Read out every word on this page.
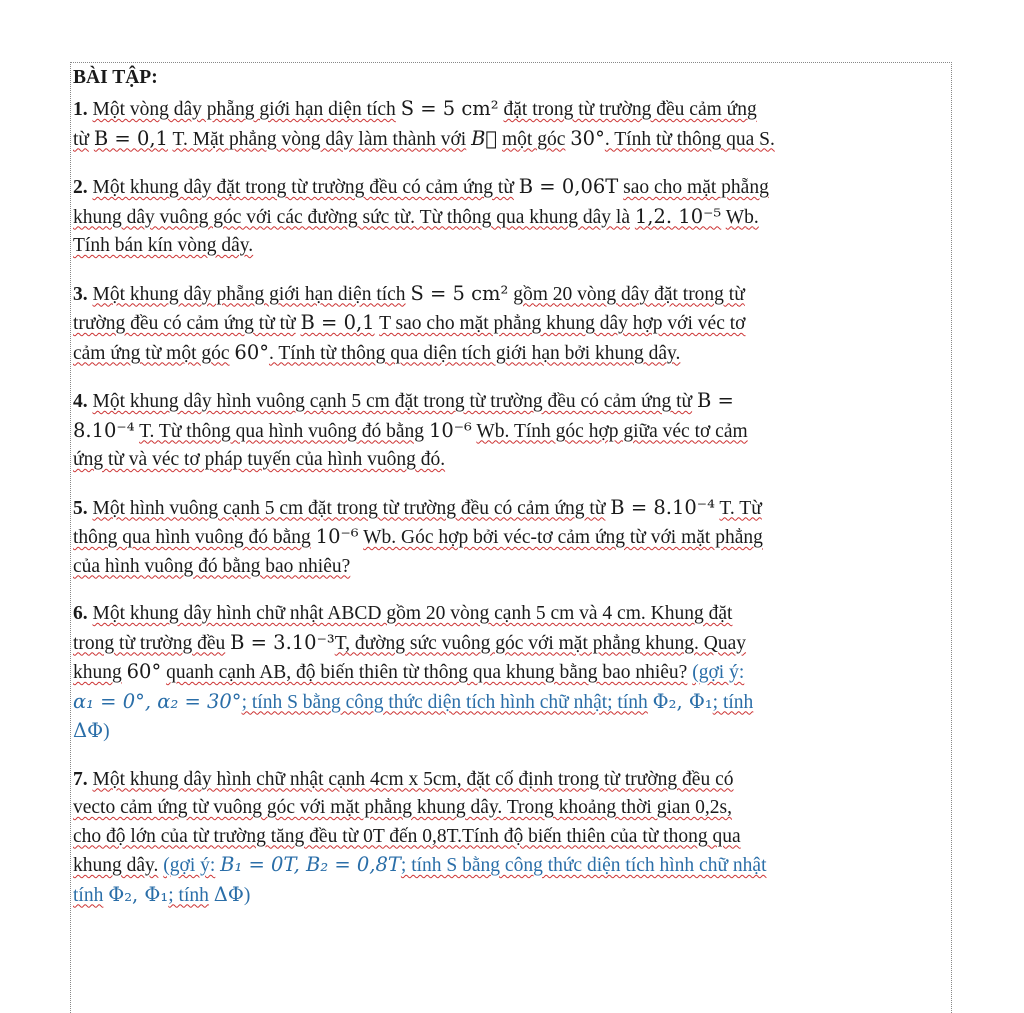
BÀI TẬP:

1. Một vòng dây phẵng giới hạn diện tích S = 5 cm² đặt trong từ trường đều cảm ứng
từ B = 0,1 T. Mặt phẳng vòng dây làm thành với B⃗ một góc 30°. Tính từ thông qua S.
2. Một khung dây đặt trong từ trường đều có cảm ứng từ B = 0,06T sao cho mặt phẵng
khung dây vuông góc với các đường sức từ. Từ thông qua khung dây là 1,2. 10⁻⁵ Wb.
Tính bán kín vòng dây.
3. Một khung dây phẵng giới hạn diện tích S = 5 cm² gồm 20 vòng dây đặt trong từ
trường đều có cảm ứng từ từ B = 0,1 T sao cho mặt phẳng khung dây hợp với véc tơ
cảm ứng từ một góc 60°. Tính từ thông qua diện tích giới hạn bởi khung dây.
4. Một khung dây hình vuông cạnh 5 cm đặt trong từ trường đều có cảm ứng từ B =
8.10⁻⁴ T. Từ thông qua hình vuông đó bằng 10⁻⁶ Wb. Tính góc hợp giữa véc tơ cảm
ứng từ và véc tơ pháp tuyến của hình vuông đó.
5. Một hình vuông cạnh 5 cm đặt trong từ trường đều có cảm ứng từ B = 8.10⁻⁴ T. Từ
thông qua hình vuông đó bằng 10⁻⁶ Wb. Góc hợp bởi véc-tơ cảm ứng từ với mặt phẳng
của hình vuông đó bằng bao nhiêu?
6. Một khung dây hình chữ nhật ABCD gồm 20 vòng cạnh 5 cm và 4 cm. Khung đặt
trong từ trường đều B = 3.10⁻³T, đường sức vuông góc với mặt phẳng khung. Quay
khung 60° quanh cạnh AB, độ biến thiên từ thông qua khung bằng bao nhiêu? (gợi ý:
α₁ = 0°, α₂ = 30°; tính S bằng công thức diện tích hình chữ nhật; tính Φ₂, Φ₁; tính
ΔΦ)
7. Một khung dây hình chữ nhật cạnh 4cm x 5cm, đặt cố định trong từ trường đều có
vecto cảm ứng từ vuông góc với mặt phẳng khung dây. Trong khoảng thời gian 0,2s,
cho độ lớn của từ trường tăng đều từ 0T đến 0,8T.Tính độ biến thiên của từ thong qua
khung dây. (gợi ý: B₁ = 0T, B₂ = 0,8T; tính S bằng công thức diện tích hình chữ nhật
tính Φ₂, Φ₁; tính ΔΦ)
